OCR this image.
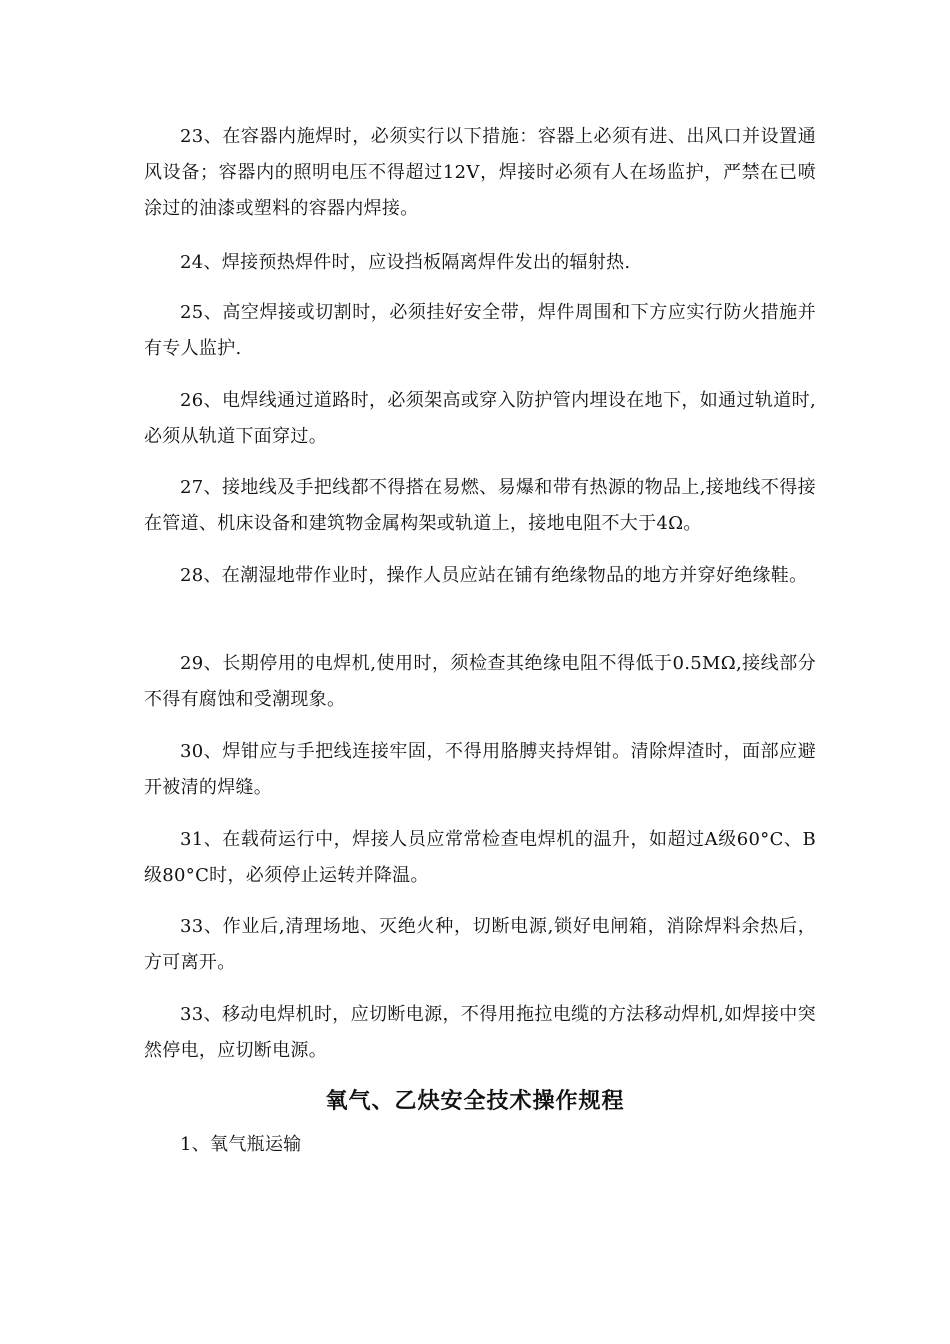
23、在容器内施焊时，必须实行以下措施：容器上必须有进、出风口并设置通风设备；容器内的照明电压不得超过12V，焊接时必须有人在场监护，严禁在已喷涂过的油漆或塑料的容器内焊接。

24、焊接预热焊件时，应设挡板隔离焊件发出的辐射热.

25、高空焊接或切割时，必须挂好安全带，焊件周围和下方应实行防火措施并有专人监护.

26、电焊线通过道路时，必须架高或穿入防护管内埋设在地下，如通过轨道时,必须从轨道下面穿过。

27、接地线及手把线都不得搭在易燃、易爆和带有热源的物品上,接地线不得接在管道、机床设备和建筑物金属构架或轨道上，接地电阻不大于4Ω。

28、在潮湿地带作业时，操作人员应站在铺有绝缘物品的地方并穿好绝缘鞋。

29、长期停用的电焊机,使用时，须检查其绝缘电阻不得低于0.5MΩ,接线部分不得有腐蚀和受潮现象。

30、焊钳应与手把线连接牢固，不得用胳膊夹持焊钳。清除焊渣时，面部应避开被清的焊缝。

31、在载荷运行中，焊接人员应常常检查电焊机的温升，如超过A级60°C、B级80°C时，必须停止运转并降温。

33、作业后,清理场地、灭绝火种，切断电源,锁好电闸箱，消除焊料余热后，方可离开。

33、移动电焊机时，应切断电源，不得用拖拉电缆的方法移动焊机,如焊接中突然停电，应切断电源。

氧气、乙炔安全技术操作规程

1、氧气瓶运输
